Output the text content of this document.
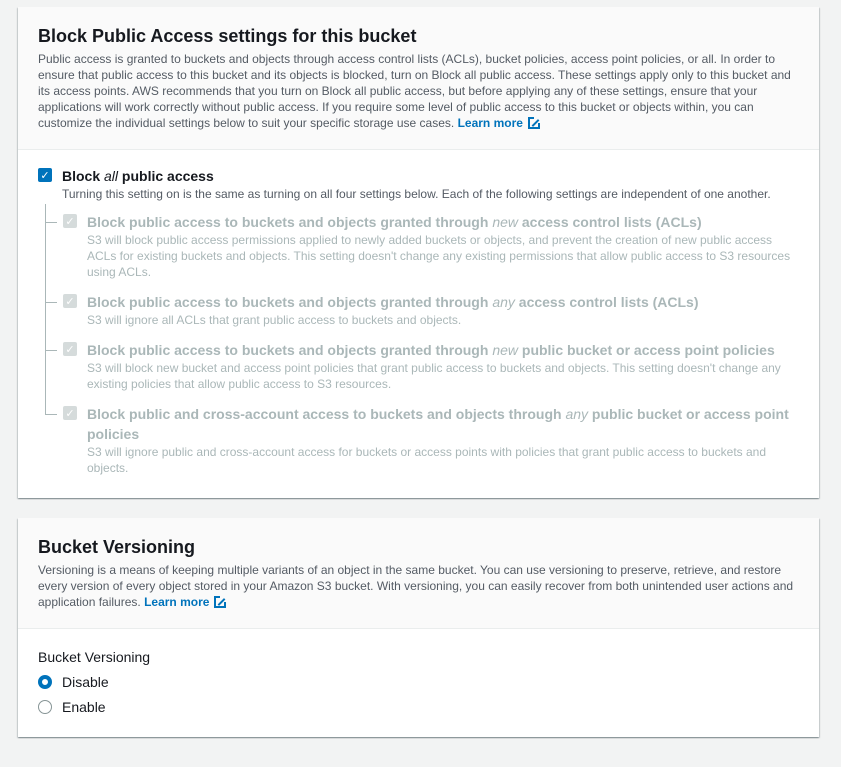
Block Public Access settings for this bucket

Public access is granted to buckets and objects through access control lists (ACLs), bucket policies, access point policies, or all. In order to ensure that public access to this bucket and its objects is blocked, turn on Block all public access. These settings apply only to this bucket and its access points. AWS recommends that you turn on Block all public access, but before applying any of these settings, ensure that your applications will work correctly without public access. If you require some level of public access to this bucket or objects within, you can customize the individual settings below to suit your specific storage use cases. Learn more

✓ Block all public access
Turning this setting on is the same as turning on all four settings below. Each of the following settings are independent of one another.
✓ Block public access to buckets and objects granted through new access control lists (ACLs)
S3 will block public access permissions applied to newly added buckets or objects, and prevent the creation of new public access ACLs for existing buckets and objects. This setting doesn't change any existing permissions that allow public access to S3 resources using ACLs.
✓ Block public access to buckets and objects granted through any access control lists (ACLs)
S3 will ignore all ACLs that grant public access to buckets and objects.
✓ Block public access to buckets and objects granted through new public bucket or access point policies
S3 will block new bucket and access point policies that grant public access to buckets and objects. This setting doesn't change any existing policies that allow public access to S3 resources.
✓ Block public and cross-account access to buckets and objects through any public bucket or access point policies
S3 will ignore public and cross-account access for buckets or access points with policies that grant public access to buckets and objects.
Bucket Versioning

Versioning is a means of keeping multiple variants of an object in the same bucket. You can use versioning to preserve, retrieve, and restore every version of every object stored in your Amazon S3 bucket. With versioning, you can easily recover from both unintended user actions and application failures. Learn more

Bucket Versioning
Disable
Enable
